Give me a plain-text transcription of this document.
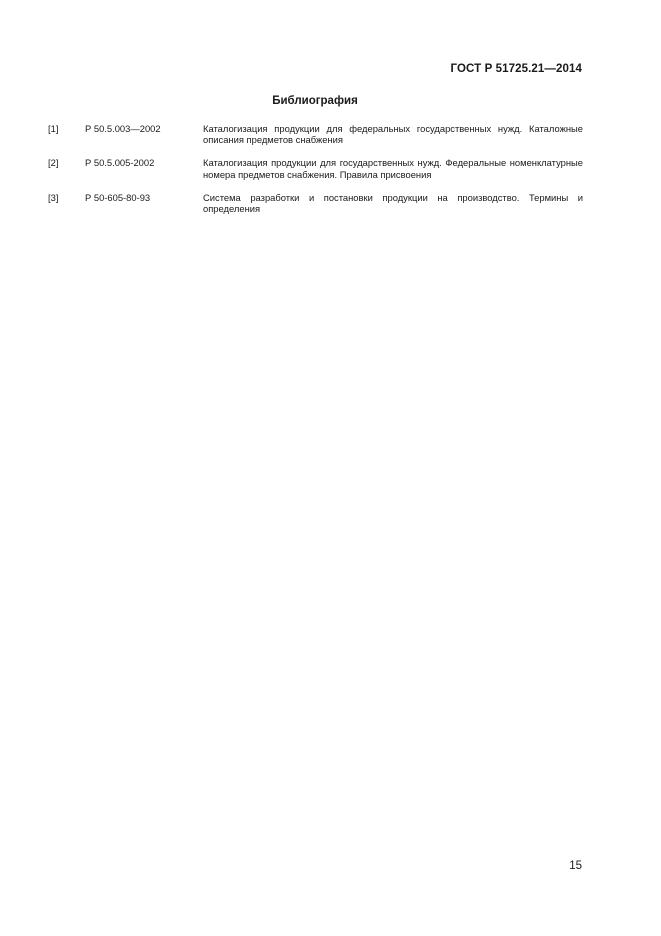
ГОСТ Р 51725.21—2014
Библиография
[1]	Р 50.5.003—2002	Каталогизация продукции для федеральных государственных нужд. Каталожные описания предметов снабжения
[2]	Р 50.5.005-2002	Каталогизация продукции для государственных нужд. Федеральные номенклатурные номера предметов снабжения. Правила присвоения
[3]	Р 50-605-80-93	Система разработки и постановки продукции на производство. Термины и определения
15
